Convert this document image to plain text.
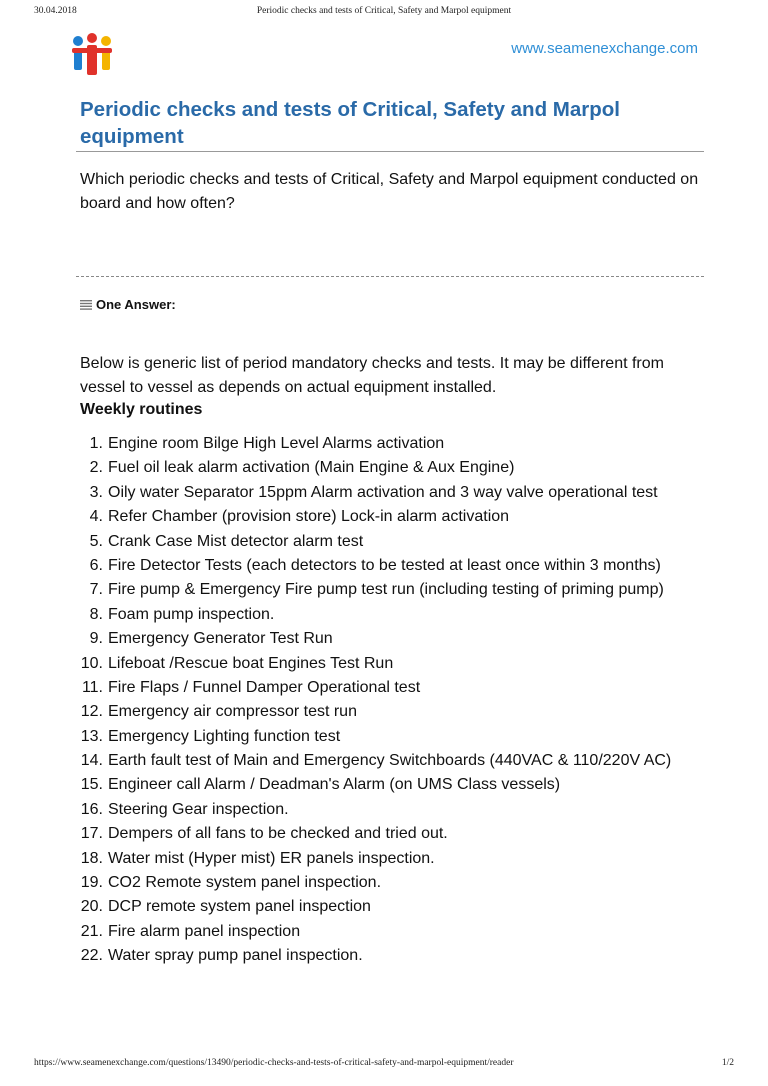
30.04.2018	Periodic checks and tests of Critical, Safety and Marpol equipment
www.seamenexchange.com
Periodic checks and tests of Critical, Safety and Marpol equipment

Which periodic checks and tests of Critical, Safety and Marpol equipment conducted on board and how often?

One Answer:

Below is generic list of period mandatory checks and tests. It may be different from vessel to vessel as depends on actual equipment installed.

Weekly routines
1 . Engine room Bilge High Level Alarms activation
2 . Fuel oil leak alarm activation (Main Engine & Aux Engine)
3 . Oily water Separator 15ppm Alarm activation and 3 way valve operational test
4 . Refer Chamber (provision store) Lock-in alarm activation
5 . Crank Case Mist detector alarm test
6 . Fire Detector Tests (each detectors to be tested at least once within 3 months)
7 . Fire pump & Emergency Fire pump test run (including testing of priming pump)
8 . Foam pump inspection.
9 . Emergency Generator Test Run
10 . Lifeboat /Rescue boat Engines Test Run
11 . Fire Flaps / Funnel Damper Operational test
12 . Emergency air compressor test run
13 . Emergency Lighting function test
14 . Earth fault test of Main and Emergency Switchboards (440VAC & 110/220V AC)
15 . Engineer call Alarm / Deadman's Alarm (on UMS Class vessels)
16 . Steering Gear inspection.
17 . Dempers of all fans to be checked and tried out.
18 . Water mist (Hyper mist) ER panels inspection.
19 . CO2 Remote system panel inspection.
20 . DCP remote system panel inspection
21 . Fire alarm panel inspection
22 . Water spray pump panel inspection.
https://www.seamenexchange.com/questions/13490/periodic-checks-and-tests-of-critical-safety-and-marpol-equipment/reader	1/2
